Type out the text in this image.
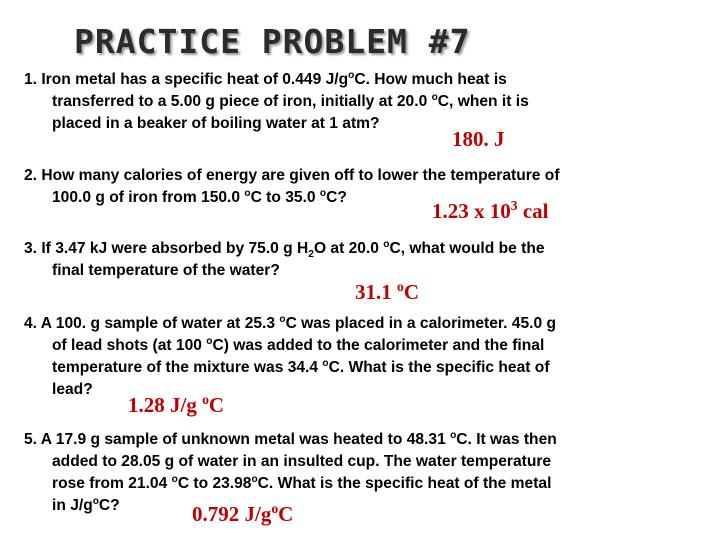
PRACTICE PROBLEM #7
1. Iron metal has a specific heat of 0.449 $J/g^oC$. How much heat is
transferred to a 5.00 g piece of iron, initially at 20.0 $^o$C, when it is
placed in a beaker of boiling water at 1 atm?
180. J
2. How many calories of energy are given off to lower the temperature of
100.0 g of iron from 150.0 $^o$C to 35.0 $^o$C?
1.23 x $10^3$ cal
3. If 3.47 kJ were absorbed by 75.0 g $H_2O$ at 20.0 $^o$C, what would be the
final temperature of the water?
31.1 $^o$C
4. A 100. g sample of water at 25.3 $^o$C was placed in a calorimeter. 45.0 g
of lead shots (at 100 $^o$C) was added to the calorimeter and the final
temperature of the mixture was 34.4 $^o$C. What is the specific heat of
lead?
1.28 J/g $^o$C
5. A 17.9 g sample of unknown metal was heated to 48.31 $^o$C. It was then
added to 28.05 g of water in an insulted cup. The water temperature
rose from 21.04 $^o$C to 23.98$^o$C. What is the specific heat of the metal
in $J/g^oC$?	0.792 $J/g^oC$
